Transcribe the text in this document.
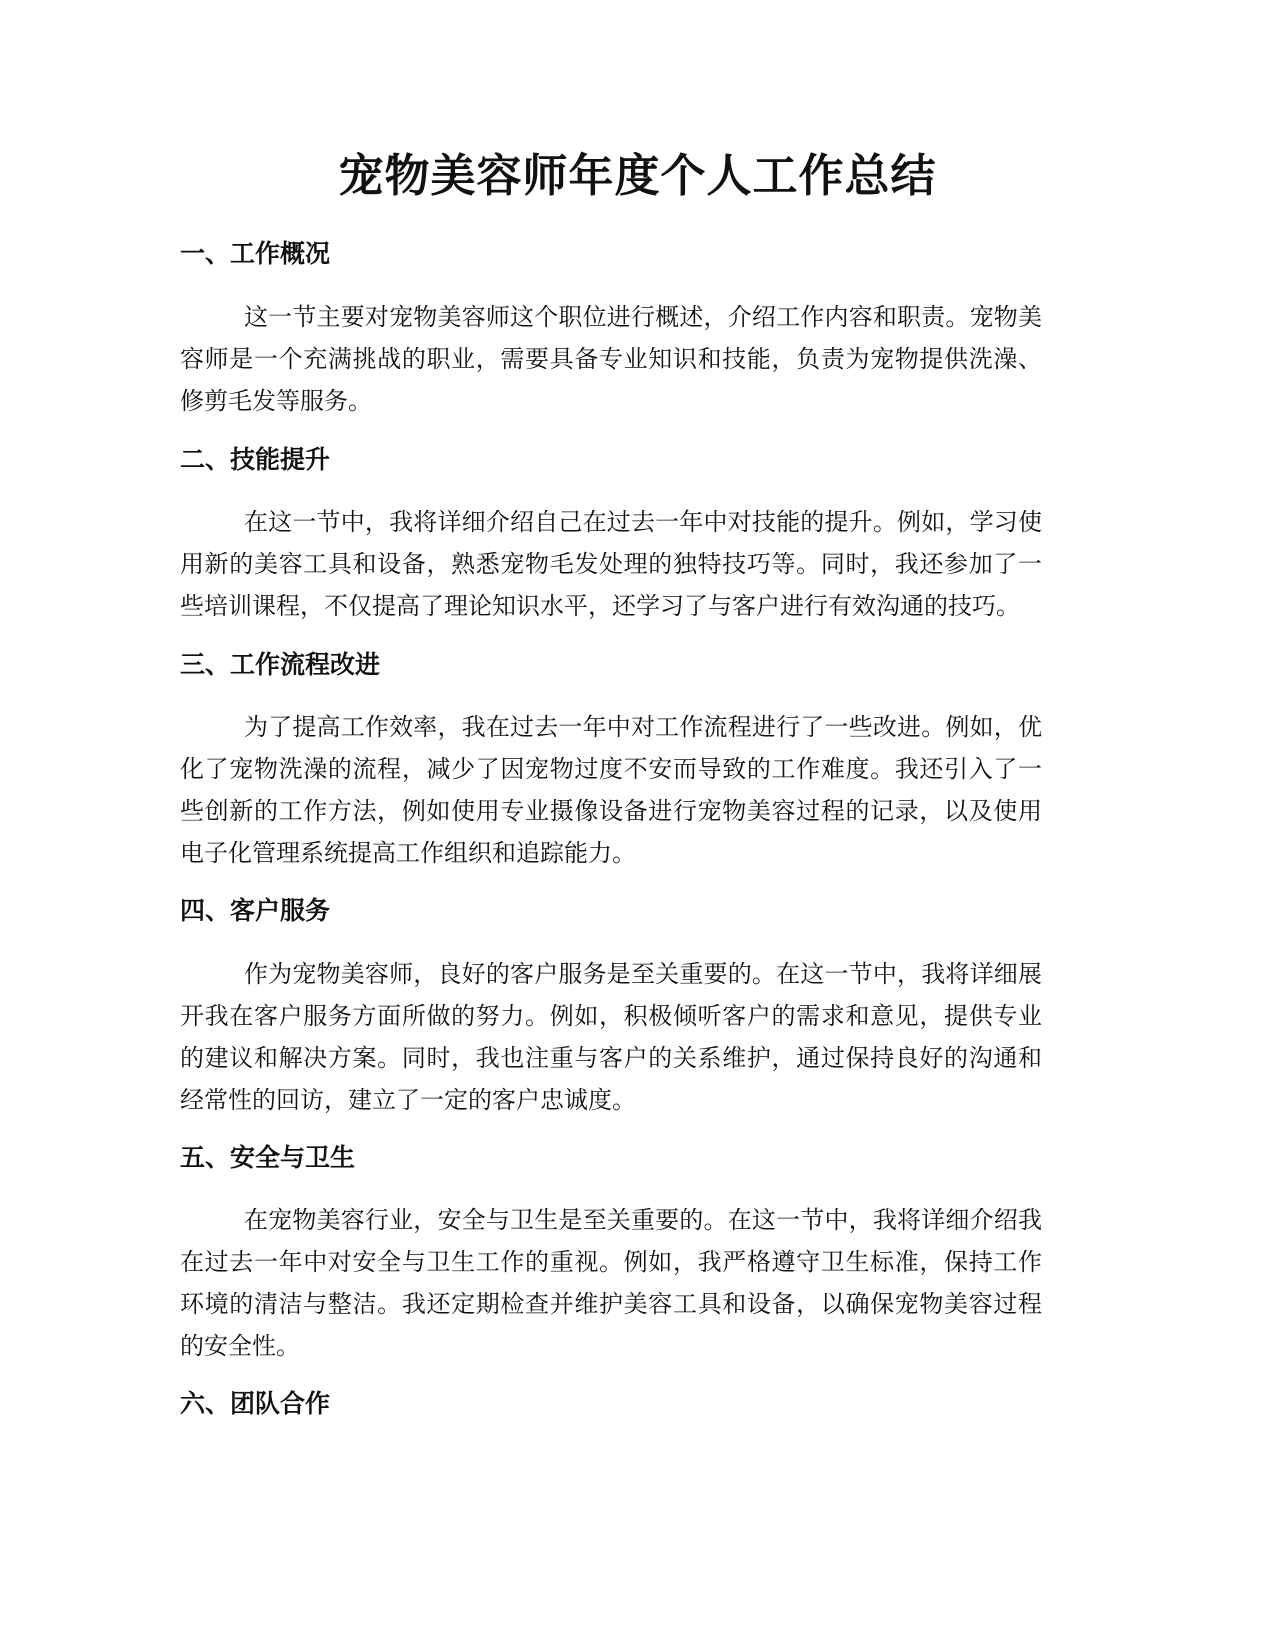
宠物美容师年度个人工作总结
一、工作概况

这一节主要对宠物美容师这个职位进行概述，介绍工作内容和职责。宠物美容师是一个充满挑战的职业，需要具备专业知识和技能，负责为宠物提供洗澡、修剪毛发等服务。

二、技能提升

在这一节中，我将详细介绍自己在过去一年中对技能的提升。例如，学习使用新的美容工具和设备，熟悉宠物毛发处理的独特技巧等。同时，我还参加了一些培训课程，不仅提高了理论知识水平，还学习了与客户进行有效沟通的技巧。

三、工作流程改进

为了提高工作效率，我在过去一年中对工作流程进行了一些改进。例如，优化了宠物洗澡的流程，减少了因宠物过度不安而导致的工作难度。我还引入了一些创新的工作方法，例如使用专业摄像设备进行宠物美容过程的记录，以及使用电子化管理系统提高工作组织和追踪能力。

四、客户服务

作为宠物美容师，良好的客户服务是至关重要的。在这一节中，我将详细展开我在客户服务方面所做的努力。例如，积极倾听客户的需求和意见，提供专业的建议和解决方案。同时，我也注重与客户的关系维护，通过保持良好的沟通和经常性的回访，建立了一定的客户忠诚度。

五、安全与卫生

在宠物美容行业，安全与卫生是至关重要的。在这一节中，我将详细介绍我在过去一年中对安全与卫生工作的重视。例如，我严格遵守卫生标准，保持工作环境的清洁与整洁。我还定期检查并维护美容工具和设备，以确保宠物美容过程的安全性。

六、团队合作
